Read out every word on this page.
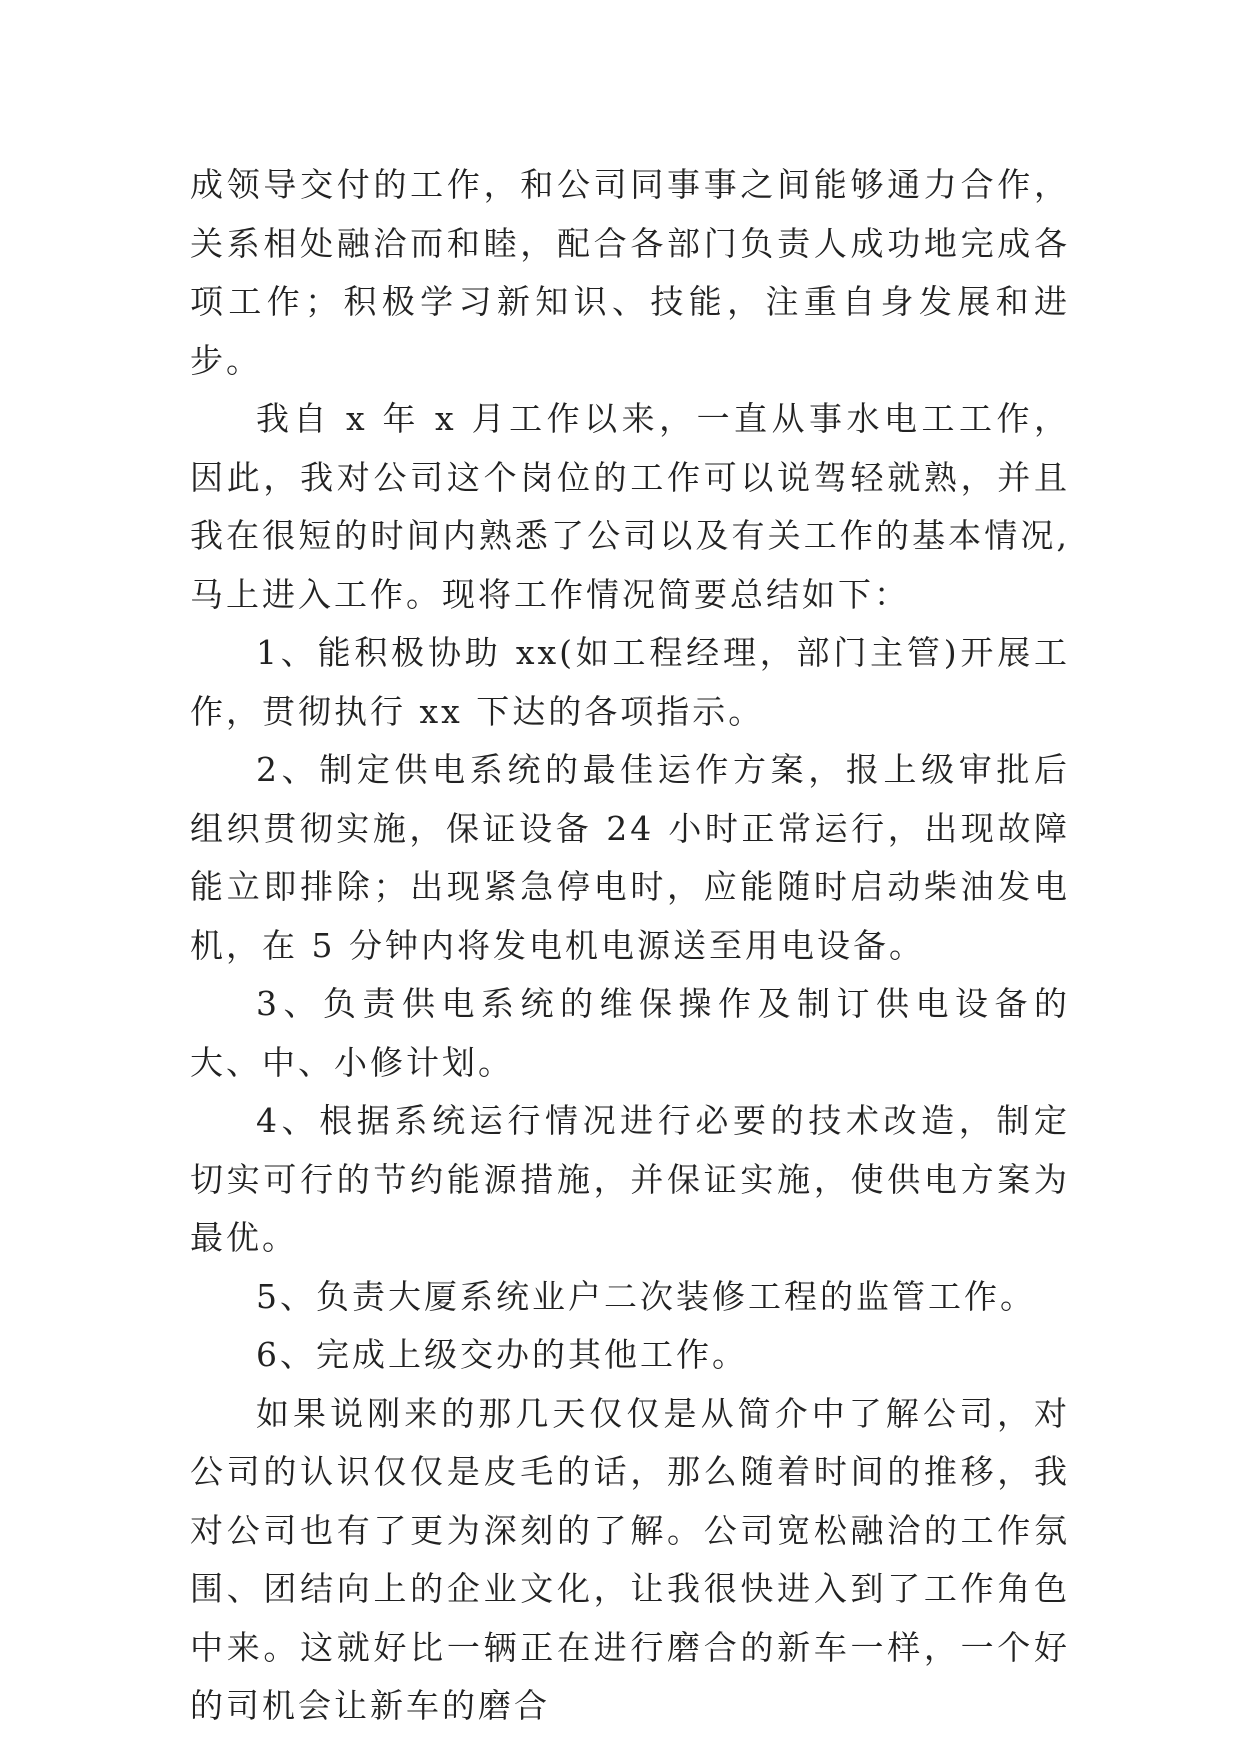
成领导交付的工作，和公司同事事之间能够通力合作，关系相处融洽而和睦，配合各部门负责人成功地完成各项工作；积极学习新知识、技能，注重自身发展和进步。

我自 x 年 x 月工作以来，一直从事水电工工作，因此，我对公司这个岗位的工作可以说驾轻就熟，并且我在很短的时间内熟悉了公司以及有关工作的基本情况,马上进入工作。现将工作情况简要总结如下：

1、能积极协助 xx(如工程经理，部门主管)开展工作，贯彻执行 xx 下达的各项指示。

2、制定供电系统的最佳运作方案，报上级审批后组织贯彻实施，保证设备 24 小时正常运行，出现故障能立即排除；出现紧急停电时，应能随时启动柴油发电机，在 5 分钟内将发电机电源送至用电设备。

3、负责供电系统的维保操作及制订供电设备的大、中、小修计划。

4、根据系统运行情况进行必要的技术改造，制定切实可行的节约能源措施，并保证实施，使供电方案为最优。

5、负责大厦系统业户二次装修工程的监管工作。

6、完成上级交办的其他工作。

如果说刚来的那几天仅仅是从简介中了解公司，对公司的认识仅仅是皮毛的话，那么随着时间的推移，我对公司也有了更为深刻的了解。公司宽松融洽的工作氛围、团结向上的企业文化，让我很快进入到了工作角色中来。这就好比一辆正在进行磨合的新车一样，一个好的司机会让新车的磨合
